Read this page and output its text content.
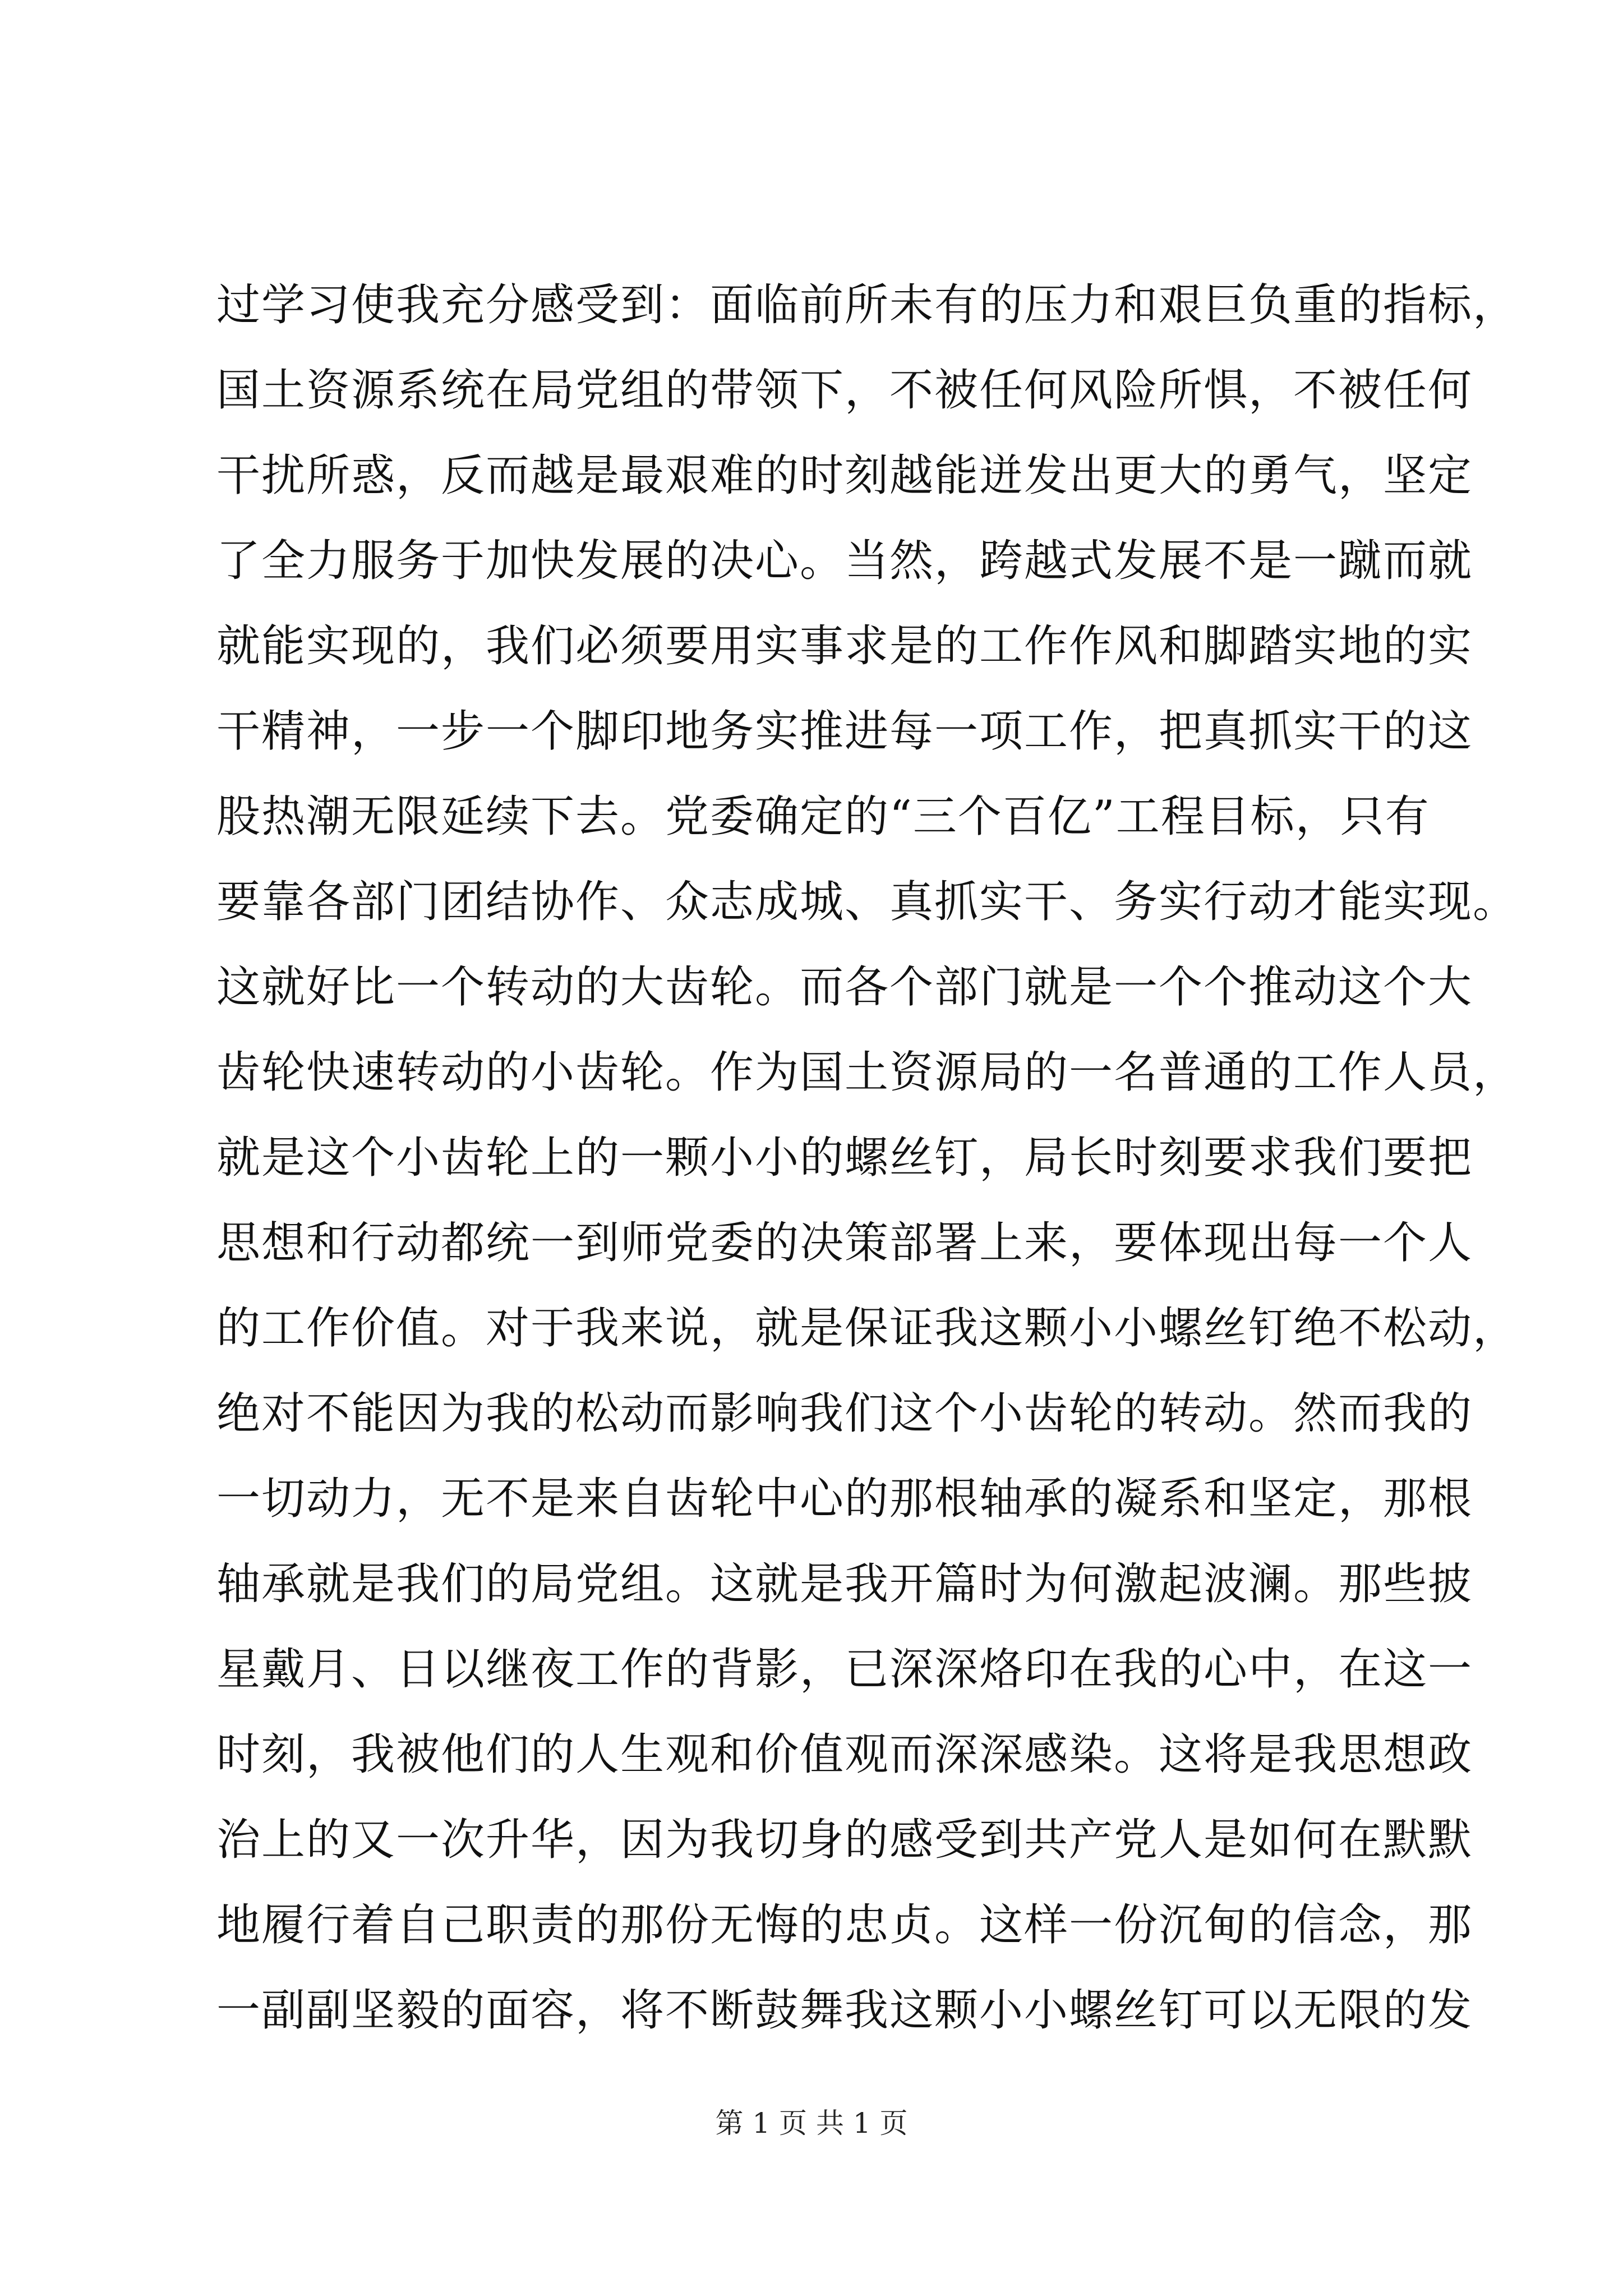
过学习使我充分感受到：面临前所未有的压力和艰巨负重的指标，
国土资源系统在局党组的带领下，不被任何风险所惧，不被任何
干扰所惑，反而越是最艰难的时刻越能迸发出更大的勇气，坚定
了全力服务于加快发展的决心。当然，跨越式发展不是一蹴而就
就能实现的，我们必须要用实事求是的工作作风和脚踏实地的实
干精神，一步一个脚印地务实推进每一项工作，把真抓实干的这
股热潮无限延续下去。党委确定的“三个百亿”工程目标，只有
要靠各部门团结协作、众志成城、真抓实干、务实行动才能实现。
这就好比一个转动的大齿轮。而各个部门就是一个个推动这个大
齿轮快速转动的小齿轮。作为国土资源局的一名普通的工作人员，
就是这个小齿轮上的一颗小小的螺丝钉，局长时刻要求我们要把
思想和行动都统一到师党委的决策部署上来，要体现出每一个人
的工作价值。对于我来说，就是保证我这颗小小螺丝钉绝不松动，
绝对不能因为我的松动而影响我们这个小齿轮的转动。然而我的
一切动力，无不是来自齿轮中心的那根轴承的凝系和坚定，那根
轴承就是我们的局党组。这就是我开篇时为何激起波澜。那些披
星戴月、日以继夜工作的背影，已深深烙印在我的心中，在这一
时刻，我被他们的人生观和价值观而深深感染。这将是我思想政
治上的又一次升华，因为我切身的感受到共产党人是如何在默默
地履行着自己职责的那份无悔的忠贞。这样一份沉甸的信念，那
一副副坚毅的面容，将不断鼓舞我这颗小小螺丝钉可以无限的发
第 1 页 共 1 页
